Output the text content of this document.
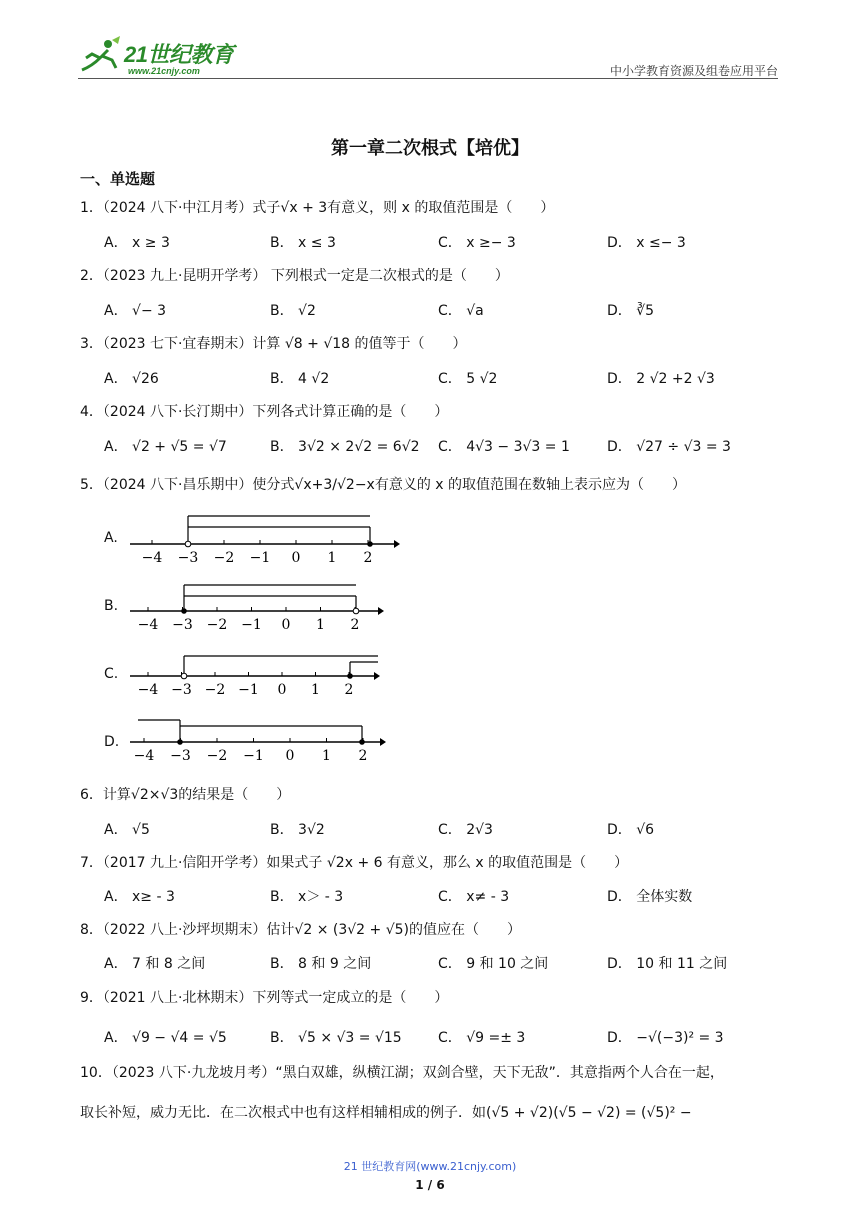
21世纪教育
www.21cnjy.com	中小学教育资源及组卷应用平台
第一章二次根式【培优】
一、单选题
1．（2024 八下·中江月考）式子√x + 3有意义，则 x 的取值范围是（　　）
A． x ≥ 3	B． x ≤ 3	C． x ≥− 3	D． x ≤− 3
2．（2023 九上·昆明开学考） 下列根式一定是二次根式的是（　　）
A． √− 3	B． √2	C． √a	D． ∛5
3．（2023 七下·宜春期末）计算 √8 + √18 的值等于（　　）
A． √26	B． 4 √2	C． 5 √2	D． 2 √2 +2 √3
4．（2024 八下·长汀期中）下列各式计算正确的是（　　）
A． √2 + √5 = √7	B． 3√2 × 2√2 = 6√2 C． 4√3 − 3√3 = 1	D． √27 ÷ √3 = 3
5．（2024 八下·昌乐期中）使分式√x+3/√2−x有意义的 x 的取值范围在数轴上表示应为（　　）
A.
−4 −3 −2 −1 0 1 2
B.
−4 −3 −2 −1 0 1 2
C.
−4 −3 −2 −1 0 1 2
D.
−4 −3 −2 −1 0 1 2
6．计算√2×√3的结果是（　　）
A． √5	B． 3√2	C． 2√3	D． √6
7．（2017 九上·信阳开学考）如果式子 √2x + 6 有意义，那么 x 的取值范围是（　　）
A． x≥ - 3	B． x＞ - 3	C． x≠ - 3	D． 全体实数
8．（2022 八上·沙坪坝期末）估计√2 × (3√2 + √5)的值应在（　　）
A． 7 和 8 之间	B． 8 和 9 之间	C． 9 和 10 之间	D． 10 和 11 之间
9．（2021 八上·北林期末）下列等式一定成立的是（　　）
A． √9 − √4 = √5	B． √5 × √3 = √15	C． √9 =± 3	D． −√(−3)² = 3
10．（2023 八下·九龙坡月考）“黑白双雄，纵横江湖；双剑合壁，天下无敌”．其意指两个人合在一起，
取长补短，威力无比．在二次根式中也有这样相辅相成的例子．如(√5 + √2)(√5 − √2) = (√5)² −
21 世纪教育网(www.21cnjy.com)
1 / 6
